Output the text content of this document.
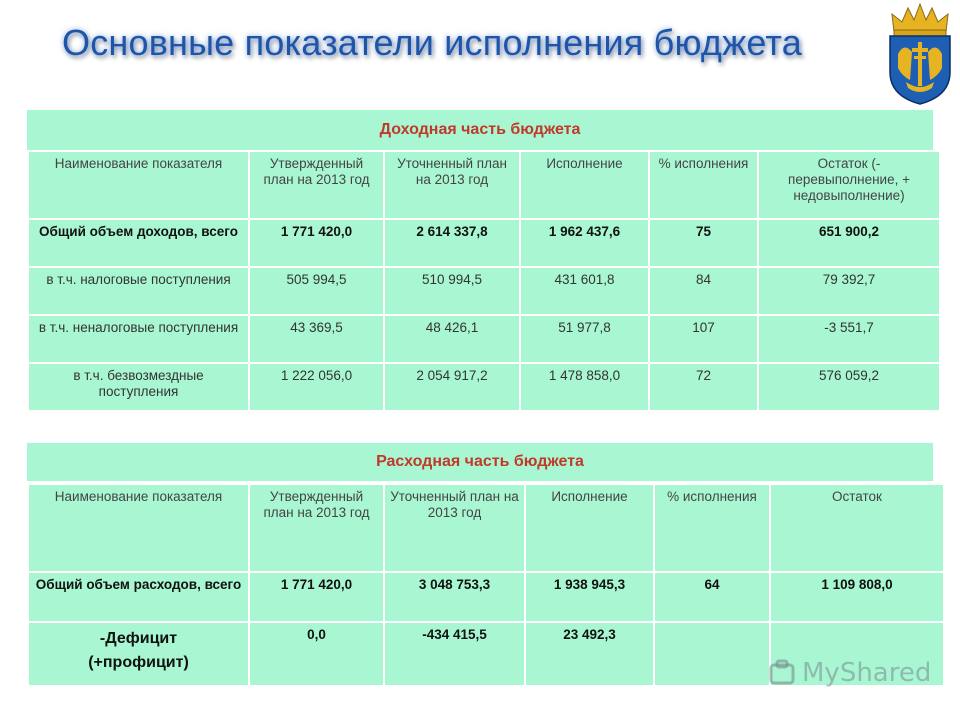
Основные показатели исполнения бюджета
Доходная часть бюджета
Наименование показателя	Утвержденный план на 2013 год	Уточненный план на 2013 год	Исполнение	% исполнения	Остаток (- перевыполнение, + недовыполнение)
Общий объем доходов, всего	1 771 420,0	2 614 337,8	1 962 437,6	75	651 900,2
в т.ч. налоговые поступления	505 994,5	510 994,5	431 601,8	84	79 392,7
в т.ч. неналоговые поступления	43 369,5	48 426,1	51 977,8	107	-3 551,7
в т.ч. безвозмездные поступления	1 222 056,0	2 054 917,2	1 478 858,0	72	576 059,2
Расходная часть бюджета
Наименование показателя	Утвержденный план на 2013 год	Уточненный план на 2013 год	Исполнение	% исполнения	Остаток
Общий объем расходов, всего	1 771 420,0	3 048 753,3	1 938 945,3	64	1 109 808,0

-Дефицит
(+профицит)	0,0	-434 415,5	23 492,3		
MyShared
